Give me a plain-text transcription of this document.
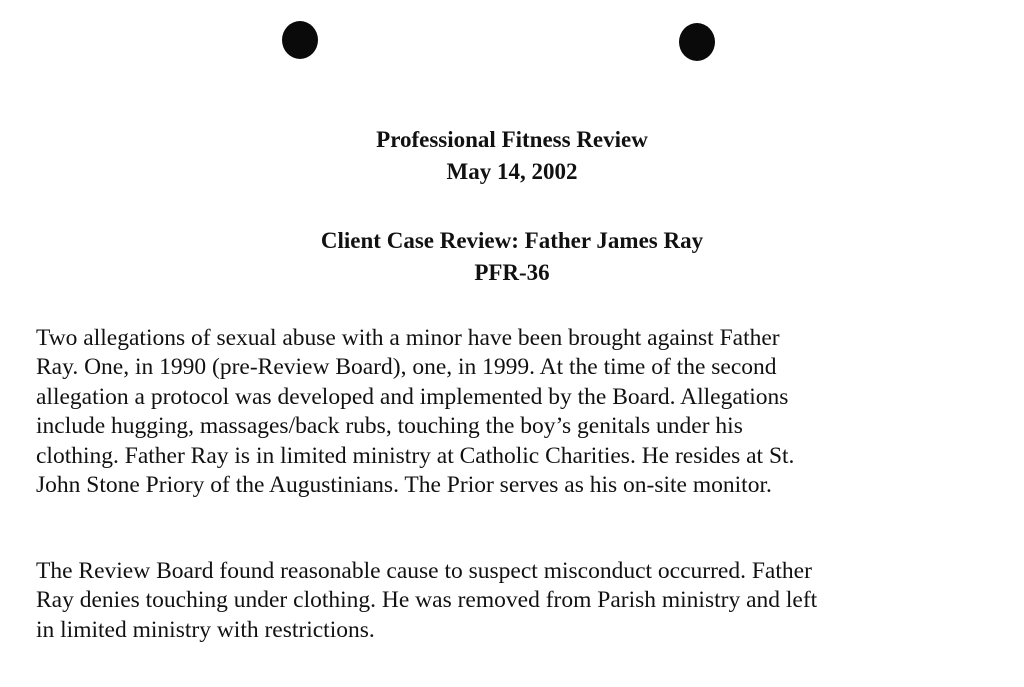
Professional Fitness Review
May 14, 2002
Client Case Review: Father James Ray
PFR-36
Two allegations of sexual abuse with a minor have been brought against Father
Ray. One, in 1990 (pre-Review Board), one, in 1999. At the time of the second
allegation a protocol was developed and implemented by the Board. Allegations
include hugging, massages/back rubs, touching the boy’s genitals under his
clothing. Father Ray is in limited ministry at Catholic Charities. He resides at St.
John Stone Priory of the Augustinians. The Prior serves as his on-site monitor.
The Review Board found reasonable cause to suspect misconduct occurred. Father
Ray denies touching under clothing. He was removed from Parish ministry and left
in limited ministry with restrictions.
